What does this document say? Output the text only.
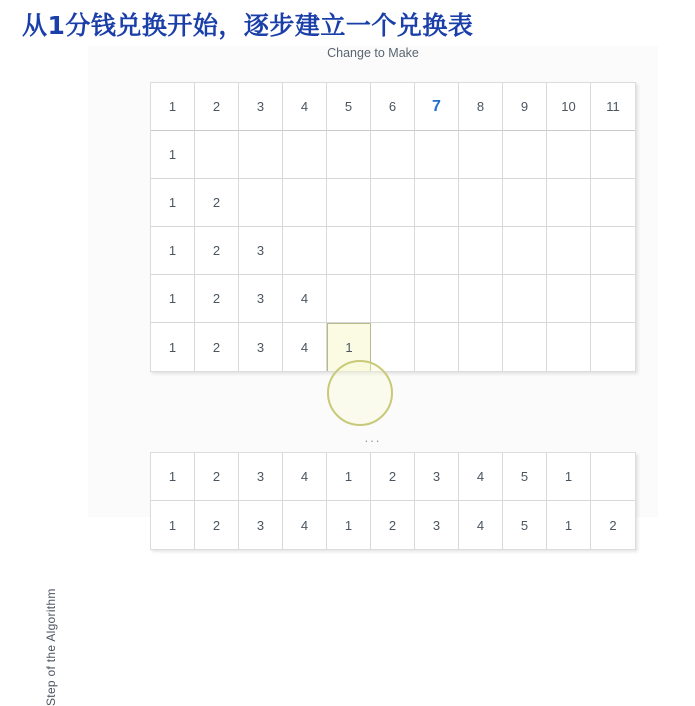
从1分钱兑换开始，逐步建立一个兑换表
Change to Make
1	2	3	4	5	6	7	8	9	10	11
1
1	2
1	2	3
1	2	3	4
1	2	3	4	1
...
1	2	3	4	1	2	3	4	5	1
1	2	3	4	1	2	3	4	5	1	2
Step of the Algorithm
